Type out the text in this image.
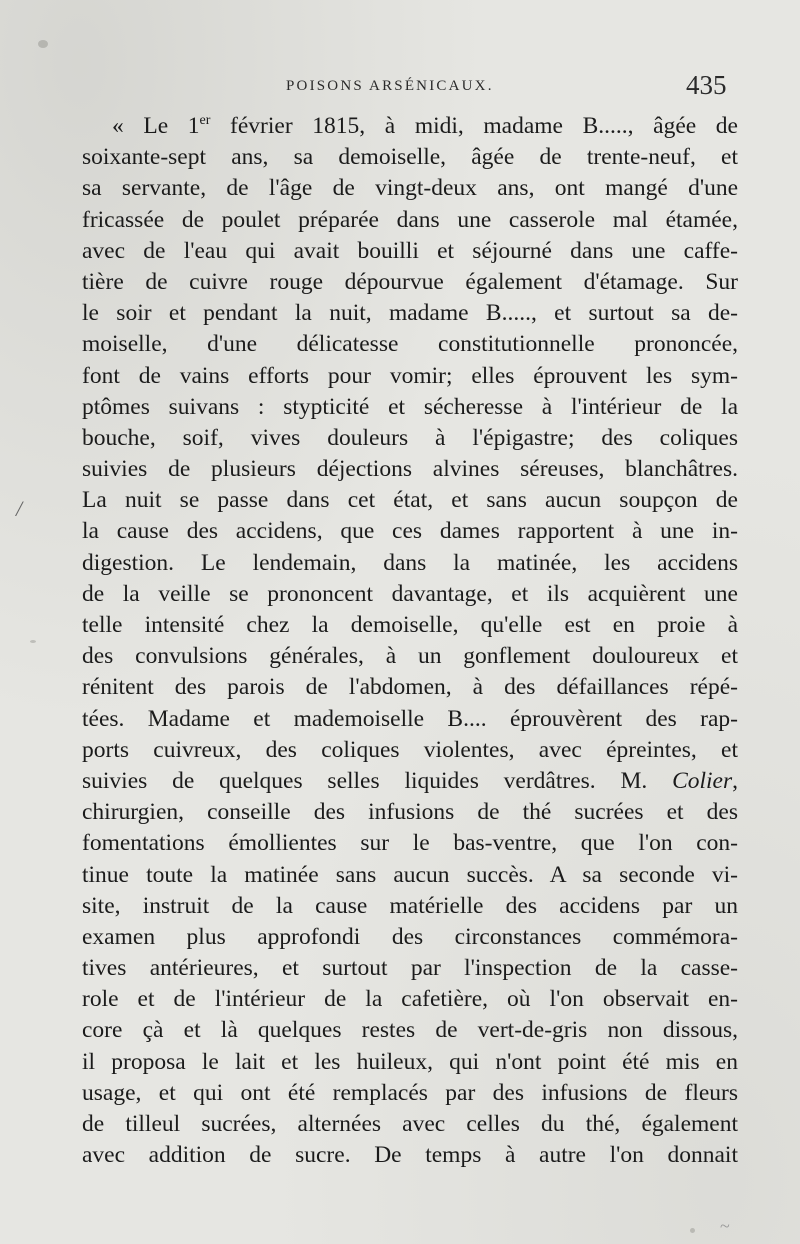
POISONS ARSÉNICAUX.	435
« Le 1er février 1815, à midi, madame B....., âgée de
soixante-sept ans, sa demoiselle, âgée de trente-neuf, et
sa servante, de l'âge de vingt-deux ans, ont mangé d'une
fricassée de poulet préparée dans une casserole mal étamée,
avec de l'eau qui avait bouilli et séjourné dans une caffe-
tière de cuivre rouge dépourvue également d'étamage. Sur
le soir et pendant la nuit, madame B....., et surtout sa de-
moiselle, d'une délicatesse constitutionnelle prononcée,
font de vains efforts pour vomir; elles éprouvent les sym-
ptômes suivans : stypticité et sécheresse à l'intérieur de la
bouche, soif, vives douleurs à l'épigastre; des coliques
suivies de plusieurs déjections alvines séreuses, blanchâtres.
La nuit se passe dans cet état, et sans aucun soupçon de
la cause des accidens, que ces dames rapportent à une in-
digestion. Le lendemain, dans la matinée, les accidens
de la veille se prononcent davantage, et ils acquièrent une
telle intensité chez la demoiselle, qu'elle est en proie à
des convulsions générales, à un gonflement douloureux et
rénitent des parois de l'abdomen, à des défaillances répé-
tées. Madame et mademoiselle B.... éprouvèrent des rap-
ports cuivreux, des coliques violentes, avec épreintes, et
suivies de quelques selles liquides verdâtres. M. Colier,
chirurgien, conseille des infusions de thé sucrées et des
fomentations émollientes sur le bas-ventre, que l'on con-
tinue toute la matinée sans aucun succès. A sa seconde vi-
site, instruit de la cause matérielle des accidens par un
examen plus approfondi des circonstances commémora-
tives antérieures, et surtout par l'inspection de la casse-
role et de l'intérieur de la cafetière, où l'on observait en-
core çà et là quelques restes de vert-de-gris non dissous,
il proposa le lait et les huileux, qui n'ont point été mis en
usage, et qui ont été remplacés par des infusions de fleurs
de tilleul sucrées, alternées avec celles du thé, également
avec addition de sucre. De temps à autre l'on donnait
/
~
